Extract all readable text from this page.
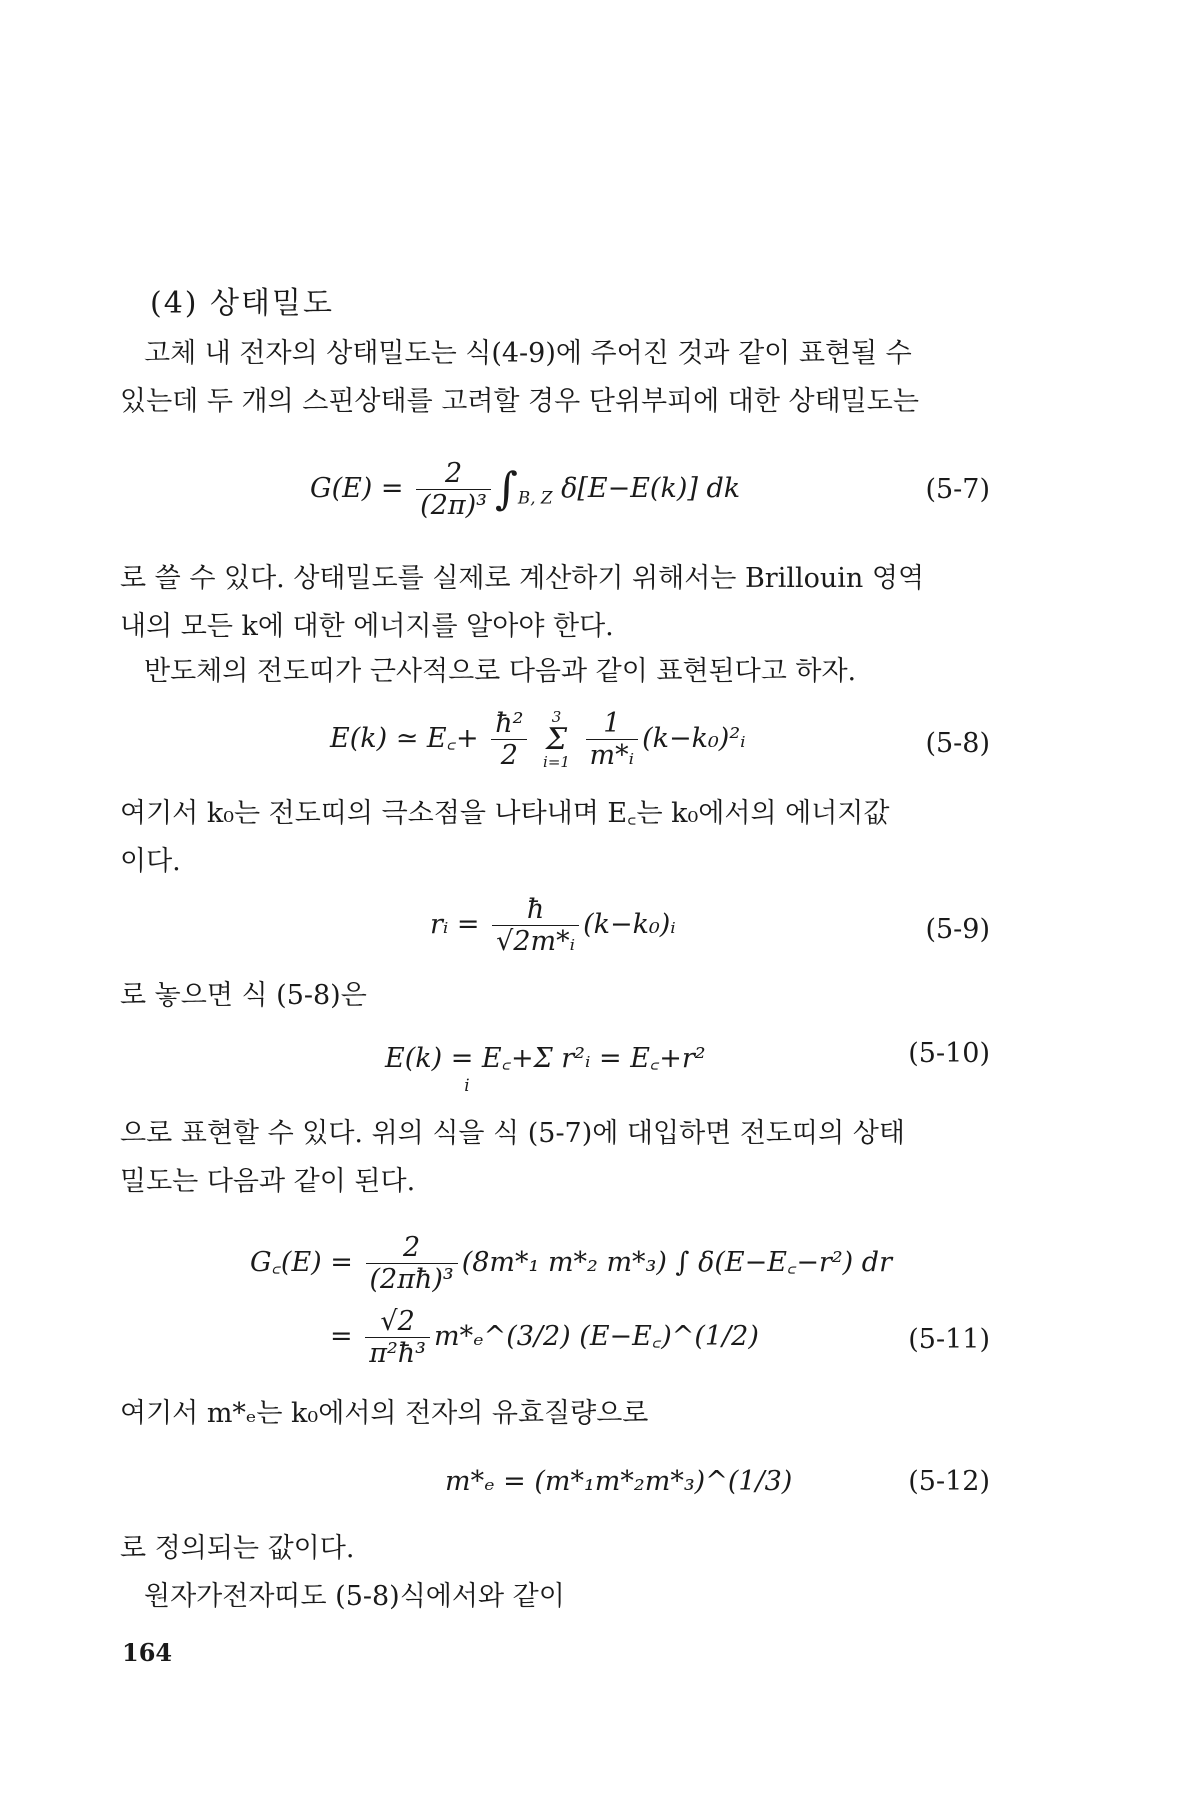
(4) 상태밀도
고체 내 전자의 상태밀도는 식(4-9)에 주어진 것과 같이 표현될 수
있는데 두 개의 스핀상태를 고려할 경우 단위부피에 대한 상태밀도는
$G(E) = \frac{2}{\text{(2π)³}} \int_{B, Z}$ δ[E−E(k)] dk	(5-7)
로 쓸 수 있다. 상태밀도를 실제로 계산하기 위해서는 Brillouin 영역
내의 모든 k에 대한 에너지를 알아야 한다.
반도체의 전도띠가 근사적으로 다음과 같이 표현된다고 하자.
E(k) ≃ E꜀+ $\frac{\text{ħ²}}{2}$
	3
Σ
i=1
$\frac{1}{\text{m*ᵢ}}$ (k−k₀)²ᵢ	(5-8)
여기서 k₀는 전도띠의 극소점을 나타내며 E꜀는 k₀에서의 에너지값
이다.
rᵢ = $\frac{ħ}{\text{√2m*ᵢ}}$ (k−k₀)ᵢ	(5-9)
로 놓으면 식 (5-8)은
E(k) = E꜀+Σ r²ᵢ = E꜀+r² $_i$
(5-10)
으로 표현할 수 있다. 위의 식을 식 (5-7)에 대입하면 전도띠의 상태
밀도는 다음과 같이 된다.
G꜀(E) = $\frac{2}{\text{(2πħ)³}} (8m*_1$ m*₂ m*₃) ∫ δ(E−E꜀−r²) dr
= $\frac{√2}{\text{π²ħ³}}$ m*ₑ^(3/2) (E−E꜀)^(1/2)	(5-11)
여기서 m*ₑ는 k₀에서의 전자의 유효질량으로
m*ₑ = (m*₁m*₂m*₃)^(1/3)	(5-12)
로 정의되는 값이다.
원자가전자띠도 (5-8)식에서와 같이
164
